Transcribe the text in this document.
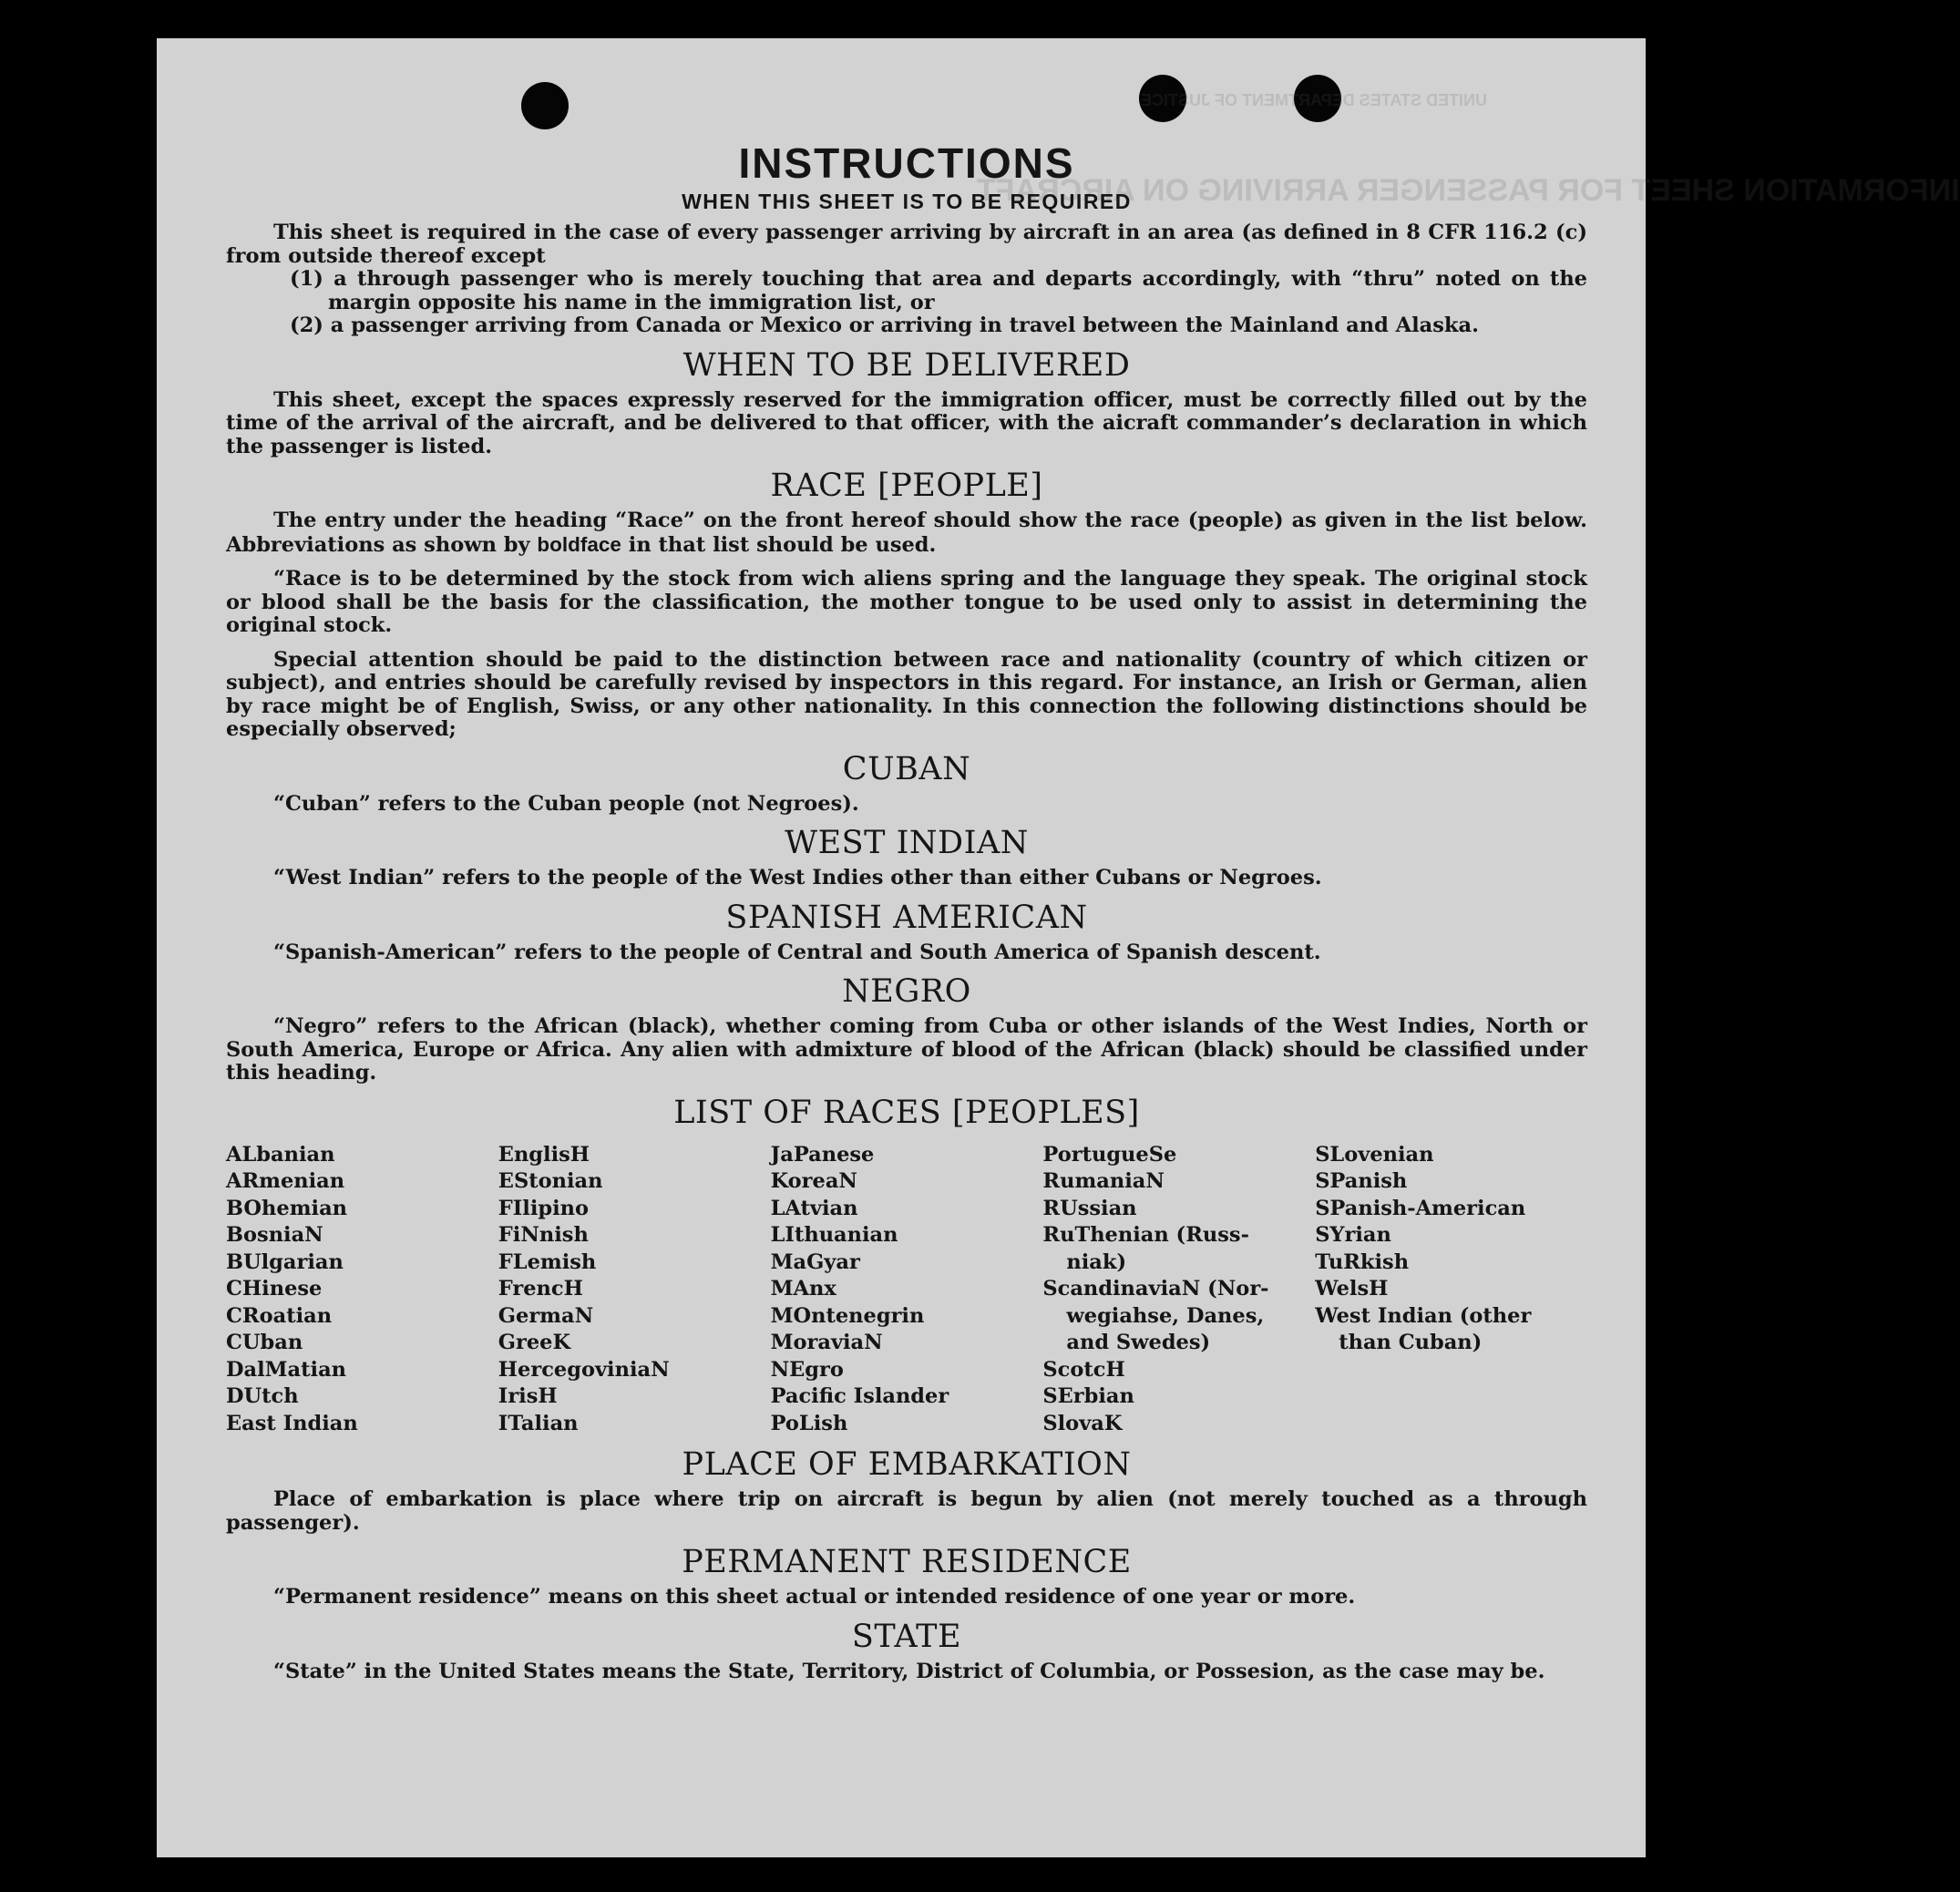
INFORMATION SHEET FOR PASSENGER ARRIVING ON AIRCRAFT
UNITED STATES DEPARTMENT OF JUSTICE
INSTRUCTIONS
WHEN THIS SHEET IS TO BE REQUIRED

This sheet is required in the case of every passenger arriving by aircraft in an area (as defined in 8 CFR 116.2 (c) from outside thereof except

(1) a through passenger who is merely touching that area and departs accordingly, with “thru” noted on the margin opposite his name in the immigration list, or

(2) a passenger arriving from Canada or Mexico or arriving in travel between the Mainland and Alaska.

WHEN TO BE DELIVERED

This sheet, except the spaces expressly reserved for the immigration officer, must be correctly filled out by the time of the arrival of the aircraft, and be delivered to that officer, with the aicraft commander’s declaration in which the passenger is listed.

RACE [PEOPLE]

The entry under the heading “Race” on the front hereof should show the race (people) as given in the list below. Abbreviations as shown by boldface in that list should be used.

“Race is to be determined by the stock from wich aliens spring and the language they speak. The original stock or blood shall be the basis for the classification, the mother tongue to be used only to assist in determining the original stock.

Special attention should be paid to the distinction between race and nationality (country of which citizen or subject), and entries should be carefully revised by inspectors in this regard. For instance, an Irish or German, alien by race might be of English, Swiss, or any other nationality. In this connection the following distinctions should be especially observed;

CUBAN

“Cuban” refers to the Cuban people (not Negroes).

WEST INDIAN

“West Indian” refers to the people of the West Indies other than either Cubans or Negroes.

SPANISH AMERICAN

“Spanish-American” refers to the people of Central and South America of Spanish descent.

NEGRO

“Negro” refers to the African (black), whether coming from Cuba or other islands of the West Indies, North or South America, Europe or Africa. Any alien with admixture of blood of the African (black) should be classified under this heading.

LIST OF RACES [PEOPLES]
ALbanian
ARmenian
BOhemian
BosniaN
BUlgarian
CHinese
CRoatian
CUban
DalMatian
DUtch
East Indian
EnglisH
EStonian
FIlipino
FiNnish
FLemish
FrencH
GermaN
GreeK
HercegoviniaN
IrisH
ITalian
JaPanese
KoreaN
LAtvian
LIthuanian
MaGyar
MAnx
MOntenegrin
MoraviaN
NEgro
Pacific Islander
PoLish
PortugueSe
RumaniaN
RUssian
RuThenian (Russ-
niak)
ScandinaviaN (Nor-
wegiahse, Danes,
and Swedes)
ScotcH
SErbian
SlovaK
SLovenian
SPanish
SPanish-American
SYrian
TuRkish
WelsH
West Indian (other
than Cuban)
PLACE OF EMBARKATION

Place of embarkation is place where trip on aircraft is begun by alien (not merely touched as a through passenger).

PERMANENT RESIDENCE

“Permanent residence” means on this sheet actual or intended residence of one year or more.

STATE

“State” in the United States means the State, Territory, District of Columbia, or Possesion, as the case may be.
